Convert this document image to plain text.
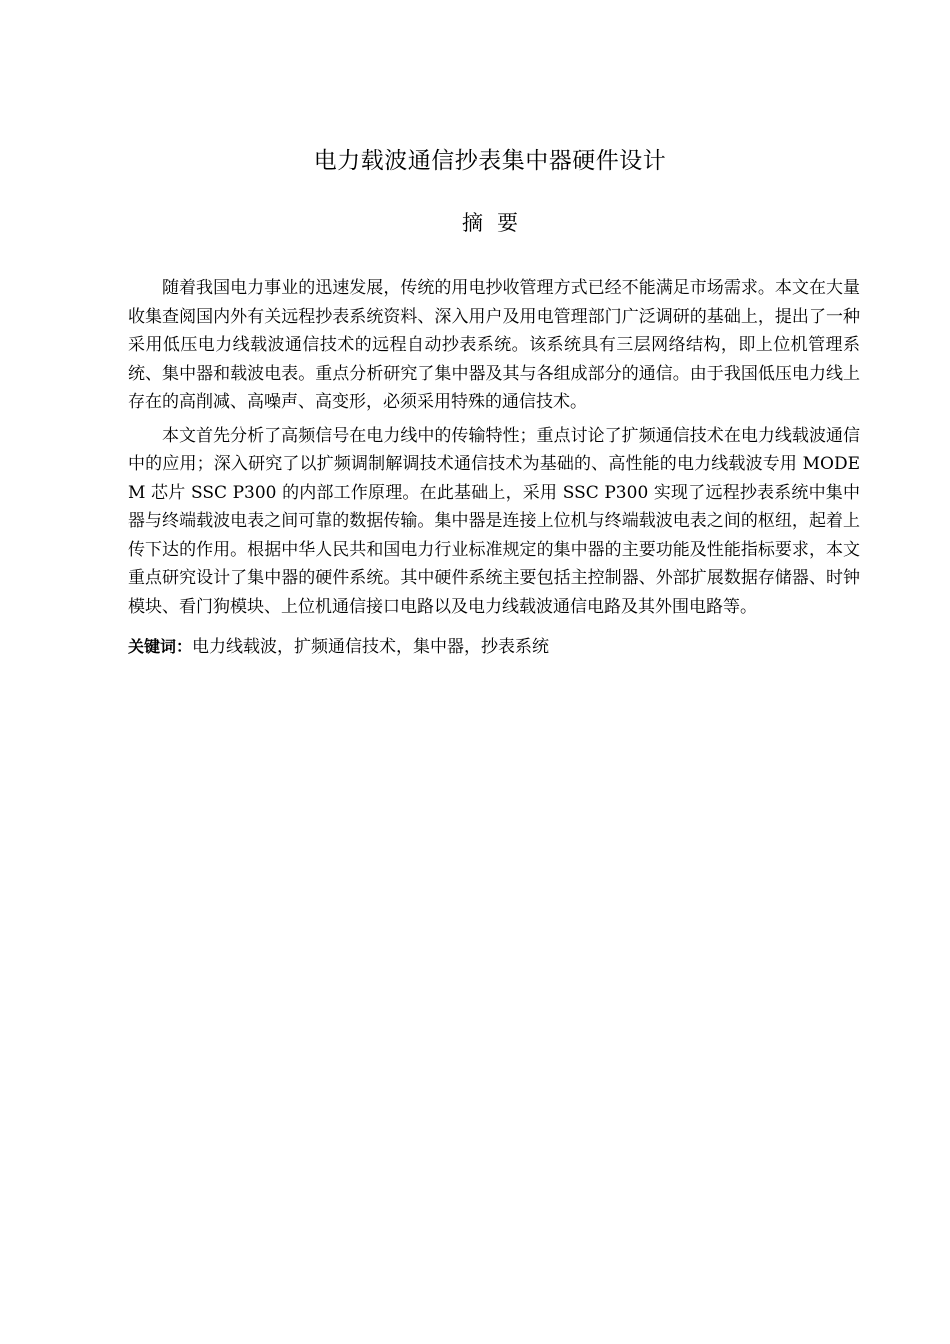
电力载波通信抄表集中器硬件设计
摘要

随着我国电力事业的迅速发展，传统的用电抄收管理方式已经不能满足市场需求。本文在大量收集查阅国内外有关远程抄表系统资料、深入用户及用电管理部门广泛调研的基础上，提出了一种采用低压电力线载波通信技术的远程自动抄表系统。该系统具有三层网络结构，即上位机管理系统、集中器和载波电表。重点分析研究了集中器及其与各组成部分的通信。由于我国低压电力线上存在的高削减、高噪声、高变形，必须采用特殊的通信技术。

本文首先分析了高频信号在电力线中的传输特性；重点讨论了扩频通信技术在电力线载波通信中的应用；深入研究了以扩频调制解调技术通信技术为基础的、高性能的电力线载波专用 MODEM 芯片 SSC P300 的内部工作原理。在此基础上，采用 SSC P300 实现了远程抄表系统中集中器与终端载波电表之间可靠的数据传输。集中器是连接上位机与终端载波电表之间的枢纽，起着上传下达的作用。根据中华人民共和国电力行业标准规定的集中器的主要功能及性能指标要求，本文重点研究设计了集中器的硬件系统。其中硬件系统主要包括主控制器、外部扩展数据存储器、时钟模块、看门狗模块、上位机通信接口电路以及电力线载波通信电路及其外围电路等。

关键词：电力线载波，扩频通信技术，集中器，抄表系统
